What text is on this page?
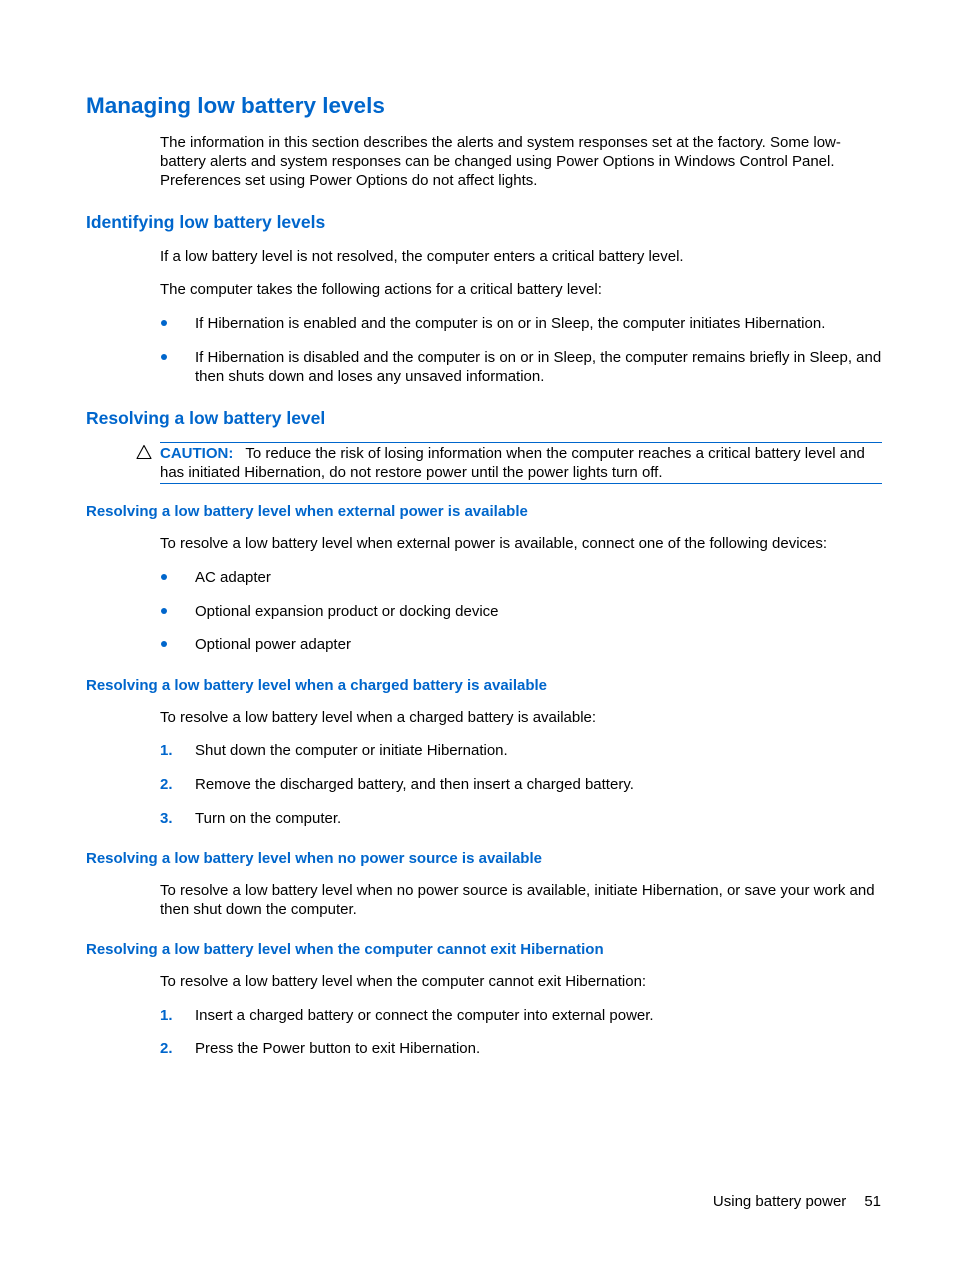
Managing low battery levels

The information in this section describes the alerts and system responses set at the factory. Some low-battery alerts and system responses can be changed using Power Options in Windows Control Panel. Preferences set using Power Options do not affect lights.

Identifying low battery levels

If a low battery level is not resolved, the computer enters a critical battery level.

The computer takes the following actions for a critical battery level:

If Hibernation is enabled and the computer is on or in Sleep, the computer initiates Hibernation.
If Hibernation is disabled and the computer is on or in Sleep, the computer remains briefly in Sleep, and then shuts down and loses any unsaved information.
Resolving a low battery level
CAUTION: To reduce the risk of losing information when the computer reaches a critical battery level and has initiated Hibernation, do not restore power until the power lights turn off.
Resolving a low battery level when external power is available

To resolve a low battery level when external power is available, connect one of the following devices:

AC adapter
Optional expansion product or docking device
Optional power adapter
Resolving a low battery level when a charged battery is available

To resolve a low battery level when a charged battery is available:

1. Shut down the computer or initiate Hibernation.
2. Remove the discharged battery, and then insert a charged battery.
3. Turn on the computer.
Resolving a low battery level when no power source is available

To resolve a low battery level when no power source is available, initiate Hibernation, or save your work and then shut down the computer.

Resolving a low battery level when the computer cannot exit Hibernation

To resolve a low battery level when the computer cannot exit Hibernation:

1. Insert a charged battery or connect the computer into external power.
2. Press the Power button to exit Hibernation.
Using battery power 51
